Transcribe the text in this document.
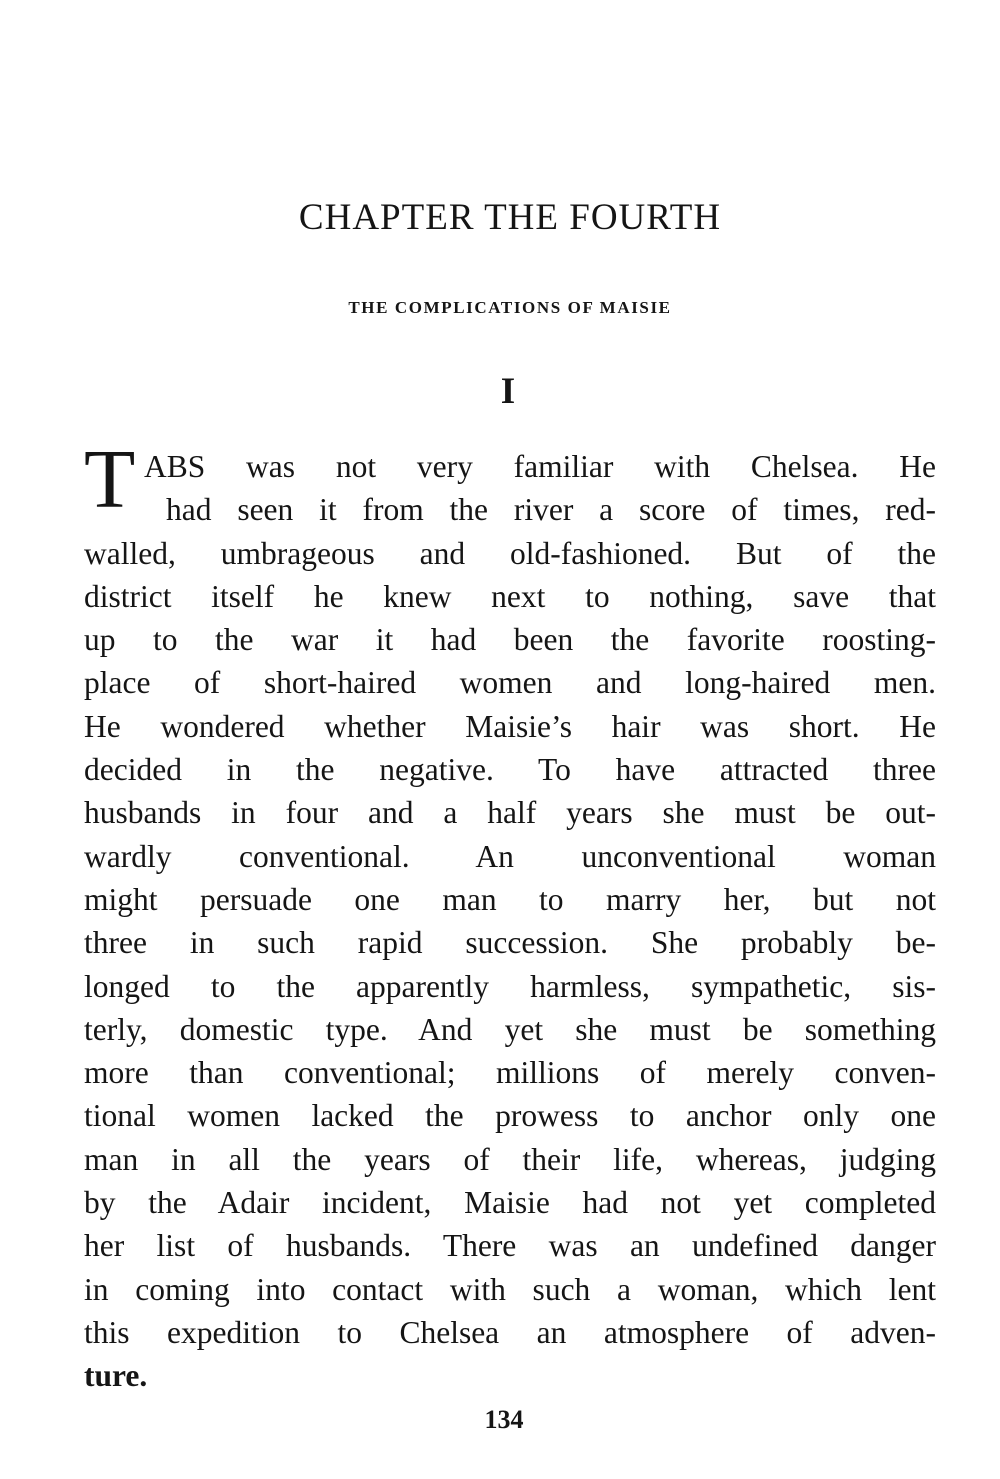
CHAPTER THE FOURTH
THE COMPLICATIONS OF MAISIE
I
T ABS was not very familiar with Chelsea. He
had seen it from the river a score of times, red-
walled, umbrageous and old-fashioned. But of the
district itself he knew next to nothing, save that
up to the war it had been the favorite roosting-
place of short-haired women and long-haired men.
He wondered whether Maisie’s hair was short. He
decided in the negative. To have attracted three
husbands in four and a half years she must be out-
wardly conventional. An unconventional woman
might persuade one man to marry her, but not
three in such rapid succession. She probably be-
longed to the apparently harmless, sympathetic, sis-
terly, domestic type. And yet she must be something
more than conventional; millions of merely conven-
tional women lacked the prowess to anchor only one
man in all the years of their life, whereas, judging
by the Adair incident, Maisie had not yet completed
her list of husbands. There was an undefined danger
in coming into contact with such a woman, which lent
this expedition to Chelsea an atmosphere of adven-
ture.
134
